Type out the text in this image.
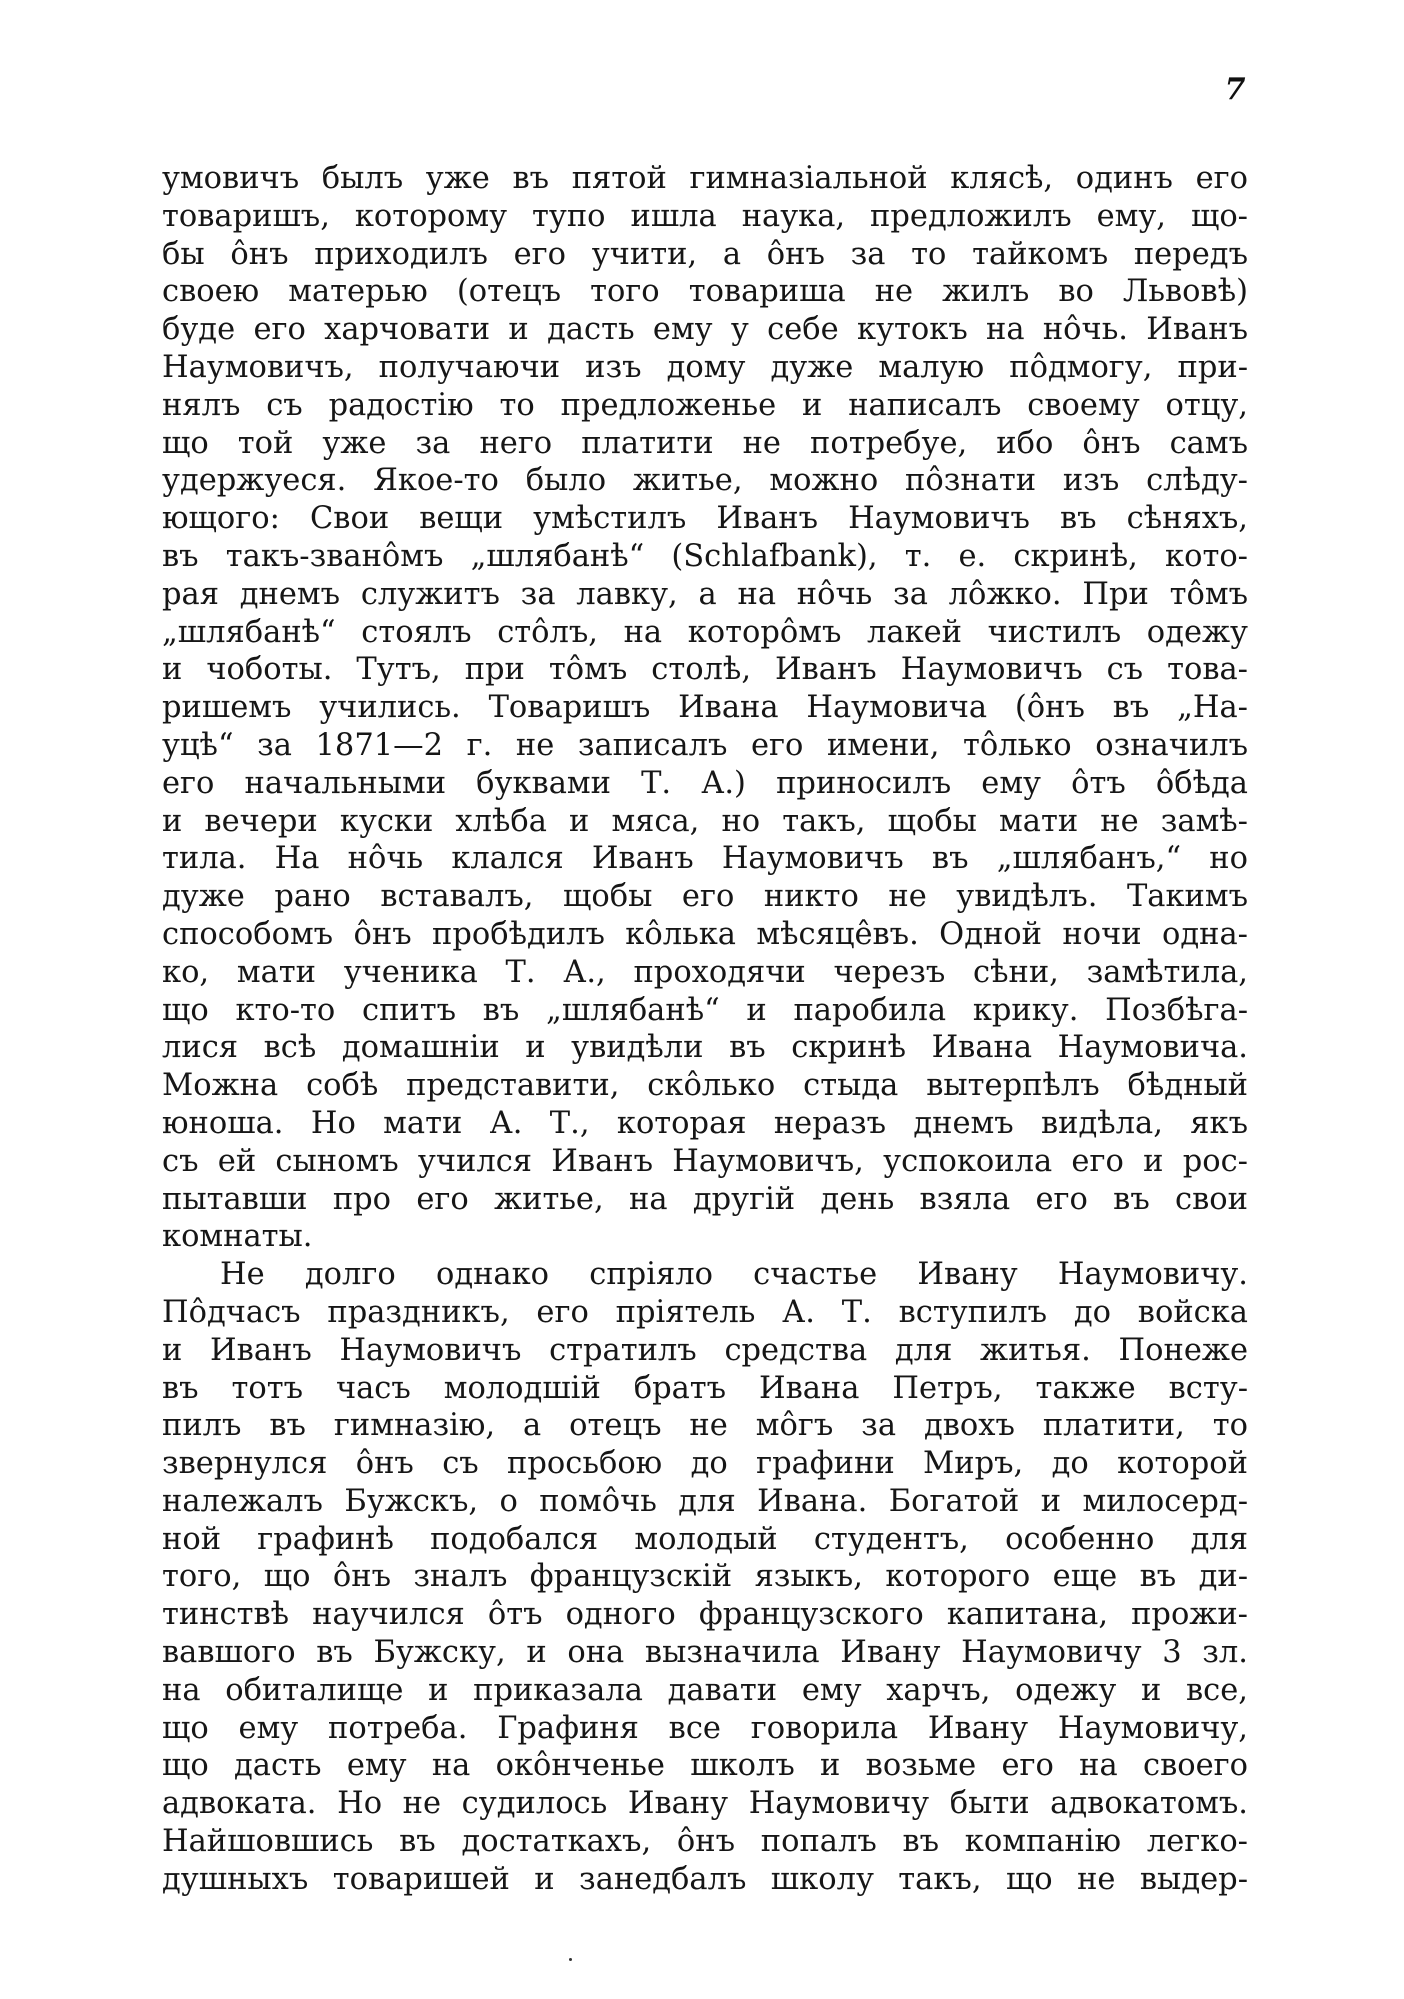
7
умовичъ былъ уже въ пятой гимназіальной клясѣ, одинъ его
товаришъ, которому тупо ишла наука, предложилъ ему, що-
бы ôнъ приходилъ его учити, а ôнъ за то тайкомъ передъ
своею матерью (отецъ того товариша не жилъ во Львовѣ)
буде его харчовати и дасть ему у себе кутокъ на нôчь. Иванъ
Наумовичъ, получаючи изъ дому дуже малую пôдмогу, при-
нялъ съ радостію то предложенье и написалъ своему отцу,
що той уже за него платити не потребуе, ибо ôнъ самъ
удержуеся. Якое-то было житье, можно пôзнати изъ слѣду-
ющого: Свои вещи умѣстилъ Иванъ Наумовичъ въ сѣняхъ,
въ такъ-званôмъ „шлябанѣ“ (Schlafbank), т. е. скринѣ, кото-
рая днемъ служитъ за лавку, а на нôчь за лôжко. При тôмъ
„шлябанѣ“ стоялъ стôлъ, на которôмъ лакей чистилъ одежу
и чоботы. Тутъ, при тôмъ столѣ, Иванъ Наумовичъ съ това-
ришемъ учились. Товаришъ Ивана Наумовича (ôнъ въ „На-
уцѣ“ за 1871—2 г. не записалъ его имени, тôлько означилъ
его начальными буквами Т. А.) приносилъ ему ôтъ ôбѣда
и вечери куски хлѣба и мяса, но такъ, щобы мати не замѣ-
тила. На нôчь клался Иванъ Наумовичъ въ „шлябанъ,“ но
дуже рано вставалъ, щобы его никто не увидѣлъ. Такимъ
способомъ ôнъ пробѣдилъ кôлька мѣсяцêвъ. Одной ночи одна-
ко, мати ученика Т. А., проходячи черезъ сѣни, замѣтила,
що кто-то спитъ въ „шлябанѣ“ и паробила крику. Позбѣга-
лися всѣ домашніи и увидѣли въ скринѣ Ивана Наумовича.
Можна собѣ представити, скôлько стыда вытерпѣлъ бѣдный
юноша. Но мати А. Т., которая неразъ днемъ видѣла, якъ
съ ей сыномъ учился Иванъ Наумовичъ, успокоила его и рос-
пытавши про его житье, на другій день взяла его въ свои
комнаты.
Не долго однако спріяло счастье Ивану Наумовичу.
Пôдчасъ праздникъ, его пріятель А. Т. вступилъ до войска
и Иванъ Наумовичъ стратилъ средства для житья. Понеже
въ тотъ часъ молодшій братъ Ивана Петръ, также всту-
пилъ въ гимназію, а отецъ не мôгъ за двохъ платити, то
звернулся ôнъ съ просьбою до графини Миръ, до которой
належалъ Бужскъ, о помôчь для Ивана. Богатой и милосерд-
ной графинѣ подобался молодый студентъ, особенно для
того, що ôнъ зналъ французскій языкъ, которого еще въ ди-
тинствѣ научился ôтъ одного французского капитана, прожи-
вавшого въ Бужску, и она вызначила Ивану Наумовичу 3 зл.
на обиталище и приказала давати ему харчъ, одежу и все,
що ему потреба. Графиня все говорила Ивану Наумовичу,
що дасть ему на окôнченье школъ и возьме его на своего
адвоката. Но не судилось Ивану Наумовичу быти адвокатомъ.
Найшовшись въ достаткахъ, ôнъ попалъ въ компанію легко-
душныхъ товаришей и занедбалъ школу такъ, що не выдер-
